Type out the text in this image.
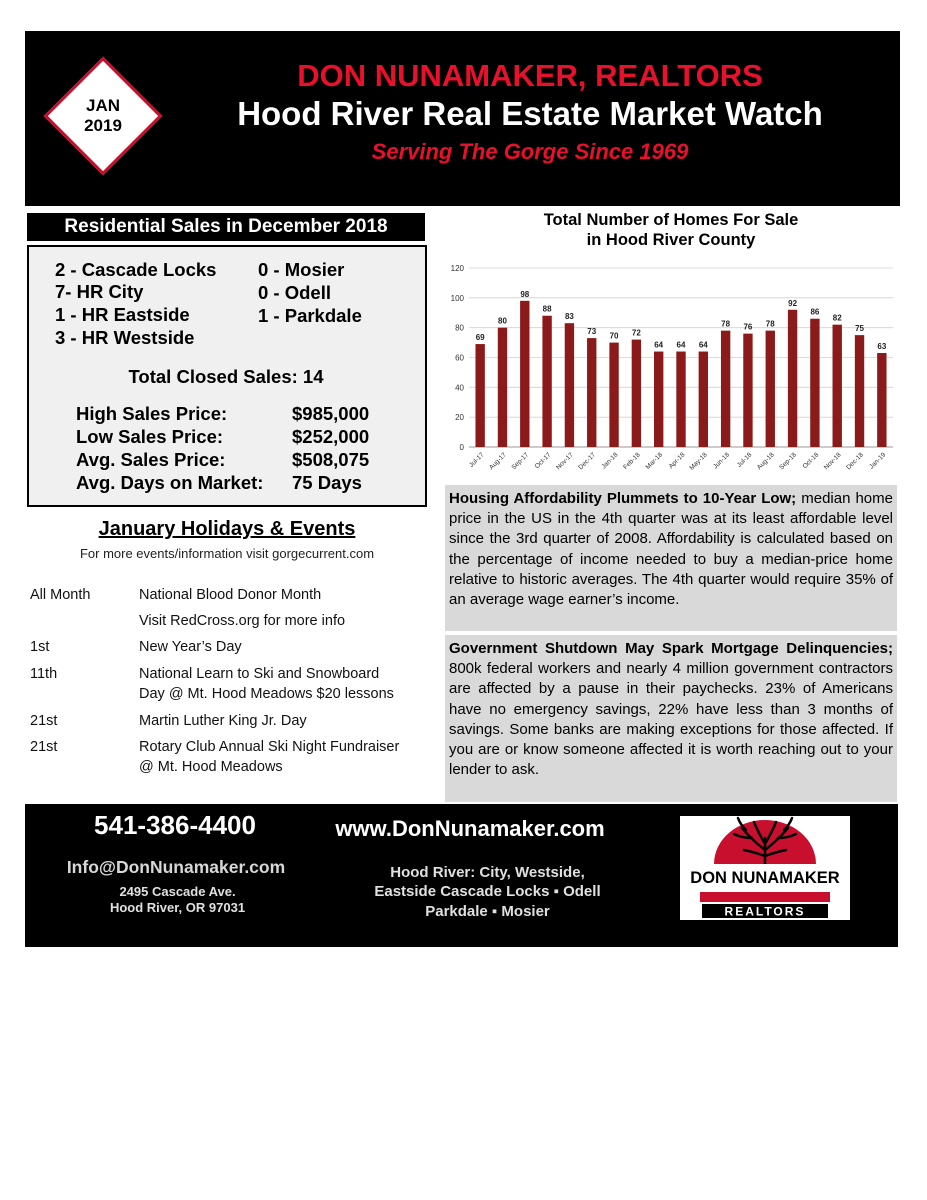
JAN
2019
DON NUNAMAKER, REALTORS
Hood River Real Estate Market Watch
Serving The Gorge Since 1969
Residential Sales in December 2018
2 - Cascade Locks
7- HR City
1 - HR Eastside
3 - HR Westside
0 - Mosier
0 - Odell
1 - Parkdale
Total Closed Sales: 14
High Sales Price:	$985,000
Low Sales Price:	$252,000
Avg. Sales Price:	$508,075
Avg. Days on Market: 75 Days
Total Number of Homes For Sale
in Hood River County
0
20
40
60
80
100
120
69
Jul-17
80
Aug-17
98
Sep-17
88
Oct-17
83
Nov-17
73
Dec-17
70
Jan-18
72
Feb-18
64
Mar-18
64
Apr-18
64
May-18
78
Jun-18
76
Jul-18
78
Aug-18
92
Sep-18
86
Oct-18
82
Nov-18
75
Dec-18
63
Jan-19
Housing Affordability Plummets to 10-Year Low; median home price in the US in the 4th quarter was at its least affordable level since the 3rd quarter of 2008. Affordability is calculated based on the percentage of income needed to buy a median-price home relative to historic averages. The 4th quarter would require 35% of an average wage earner’s income.
Government Shutdown May Spark Mortgage Delinquencies; 800k federal workers and nearly 4 million government contractors are affected by a pause in their paychecks. 23% of Americans have no emergency savings, 22% have less than 3 months of savings. Some banks are making exceptions for those affected. If you are or know someone affected it is worth reaching out to your lender to ask.
January Holidays & Events
For more events/information visit gorgecurrent.com
All Month	National Blood Donor Month
Visit RedCross.org for more info
1st	New Year’s Day
11th	National Learn to Ski and Snowboard
Day @ Mt. Hood Meadows $20 lessons
21st	Martin Luther King Jr. Day
21st	Rotary Club Annual Ski Night Fundraiser
@ Mt. Hood Meadows
541-386-4400	www.DonNunamaker.com
Info@DonNunamaker.com
2495 Cascade Ave.
Hood River, OR 97031
Hood River: City, Westside,
Eastside Cascade Locks ▪ Odell
Parkdale ▪ Mosier
DON NUNAMAKER
REALTORS
